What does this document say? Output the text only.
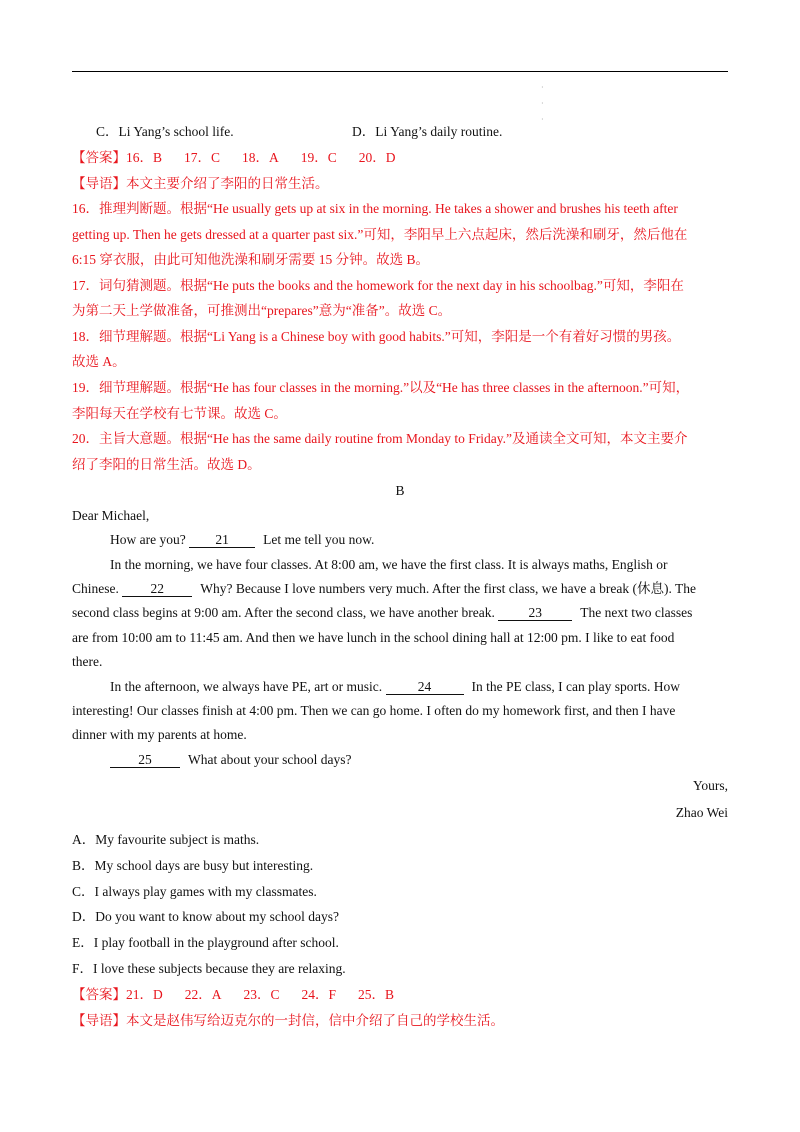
·
·
·
C．Li Yang’s school life.	D．Li Yang’s daily routine.
【答案】16．B 17．C 18．A 19．C 20．D
【导语】本文主要介绍了李阳的日常生活。
16．推理判断题。根据“He usually gets up at six in the morning. He takes a shower and brushes his teeth after
getting up. Then he gets dressed at a quarter past six.”可知，李阳早上六点起床，然后洗澡和刷牙，然后他在
6:15 穿衣服，由此可知他洗澡和刷牙需要 15 分钟。故选 B。
17．词句猜测题。根据“He puts the books and the homework for the next day in his schoolbag.”可知，李阳在
为第二天上学做准备，可推测出“prepares”意为“准备”。故选 C。
18．细节理解题。根据“Li Yang is a Chinese boy with good habits.”可知，李阳是一个有着好习惯的男孩。
故选 A。
19．细节理解题。根据“He has four classes in the morning.”以及“He has three classes in the afternoon.”可知，
李阳每天在学校有七节课。故选 C。
20．主旨大意题。根据“He has the same daily routine from Monday to Friday.”及通读全文可知，本文主要介
绍了李阳的日常生活。故选 D。
B
Dear Michael,
How are you? 21	Let me tell you now.
In the morning, we have four classes. At 8:00 am, we have the first class. It is always maths, English or
Chinese. 22	Why? Because I love numbers very much. After the first class, we have a break (休息). The
second class begins at 9:00 am. After the second class, we have another break. 23	The next two classes
are from 10:00 am to 11:45 am. And then we have lunch in the school dining hall at 12:00 pm. I like to eat food
there.
In the afternoon, we always have PE, art or music.	24	In the PE class, I can play sports. How
interesting! Our classes finish at 4:00 pm. Then we can go home. I often do my homework first, and then I have
dinner with my parents at home.
25	What about your school days?
Yours,
Zhao Wei
A．My favourite subject is maths.
B．My school days are busy but interesting.
C．I always play games with my classmates.
D．Do you want to know about my school days?
E．I play football in the playground after school.
F．I love these subjects because they are relaxing.
【答案】21．D 22．A 23．C 24．F 25．B
【导语】本文是赵伟写给迈克尔的一封信，信中介绍了自己的学校生活。
